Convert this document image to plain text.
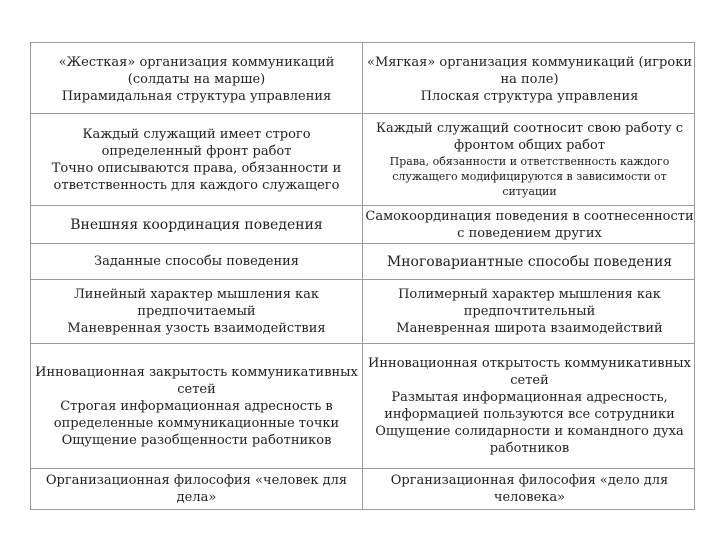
«Жесткая» организация коммуникаций (солдаты на марше)
Пирамидальная структура управления
«Мягкая» организация коммуникаций (игроки на поле)
Плоская структура управления
Каждый служащий имеет строго определенный фронт работ
Точно описываются права, обязанности и ответственность для каждого служащего
Каждый служащий соотносит свою работу с фронтом общих работ
Права, обязанности и ответственность каждого служащего модифицируются в зависимости от ситуации
Внешняя координация поведения
Самокоординация поведения в соотнесенности с поведением других
Заданные способы поведения	Многовариантные способы поведения
Линейный характер мышления как предпочитаемый
Маневренная узость взаимодействия
Полимерный характер мышления как предпочтительный
Маневренная широта взаимодействий
Инновационная закрытость коммуникативных сетей
Строгая информационная адресность в определенные коммуникационные точки
Ощущение разобщенности работников
Инновационная открытость коммуникативных сетей
Размытая информационная адресность, информацией пользуются все сотрудники
Ощущение солидарности и командного духа работников
Организационная философия «человек для дела»
Организационная философия «дело для человека»
